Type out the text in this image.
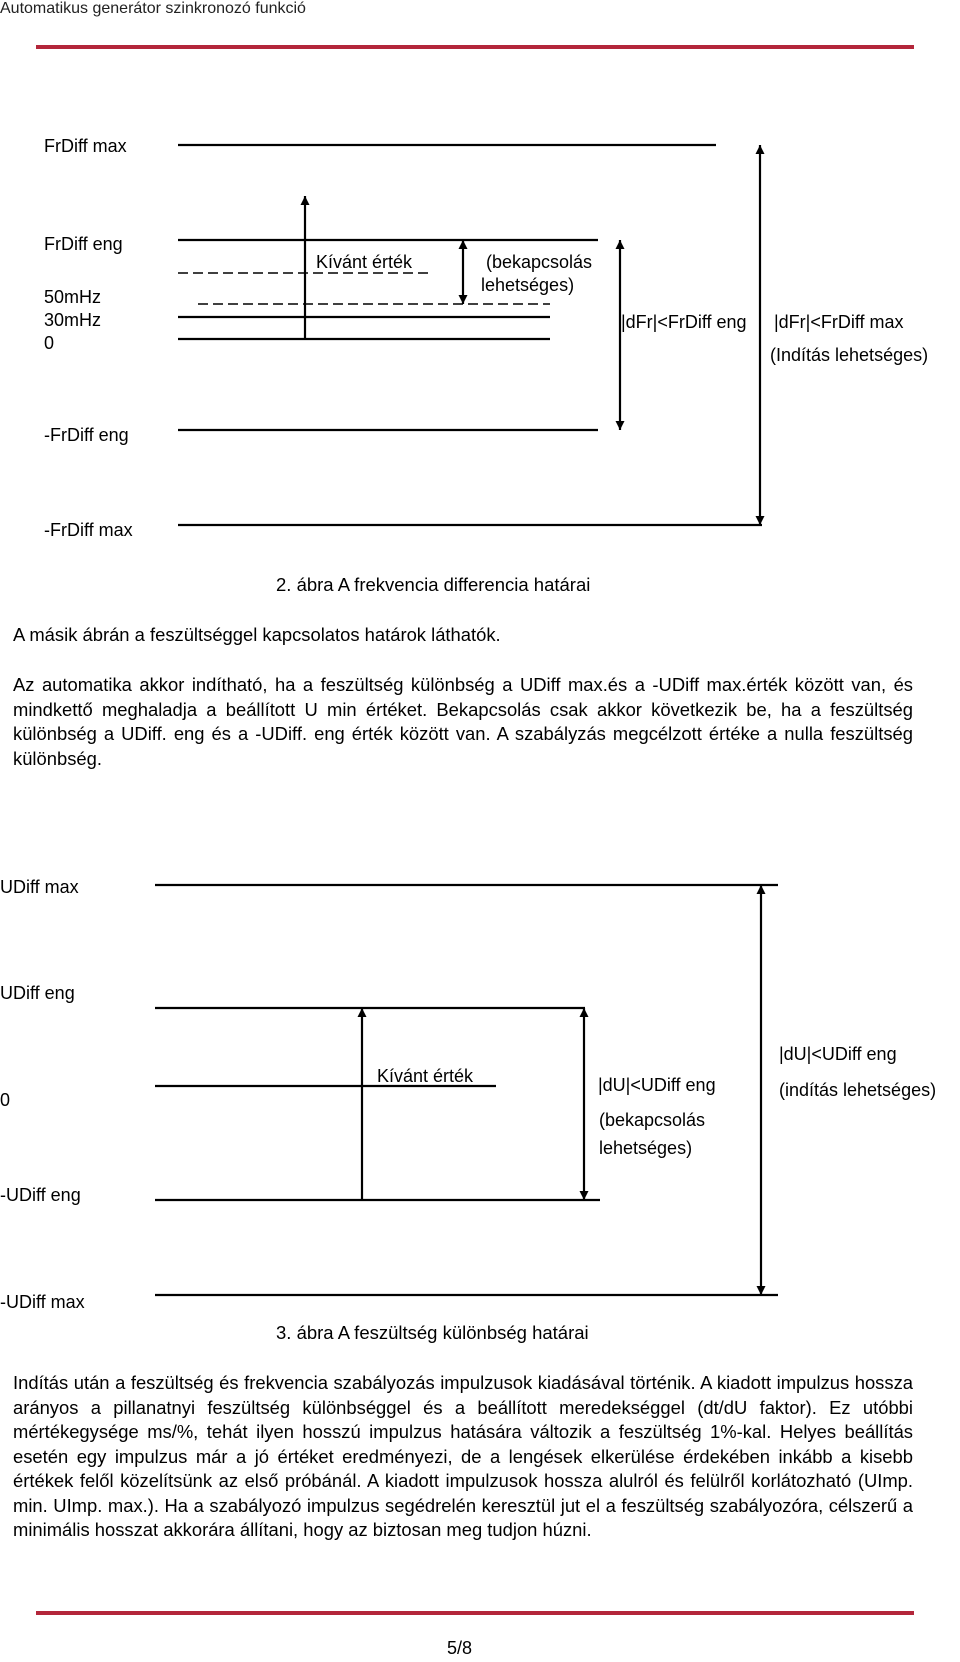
Automatikus generátor szinkronozó funkció
FrDiff max
FrDiff eng
50mHz
30mHz
0
-FrDiff eng
-FrDiff max
Kívánt érték	(bekapcsolás
lehetséges)
|dFr|<FrDiff eng |dFr|<FrDiff max
(Indítás lehetséges)
2. ábra A frekvencia differencia határai
A másik ábrán a feszültséggel kapcsolatos határok láthatók.
Az automatika akkor indítható, ha a feszültség különbség a UDiff max.és a -UDiff max.érték között van, és mindkettő meghaladja a beállított U min értéket. Bekapcsolás csak akkor következik be, ha a feszültség különbség a UDiff. eng és a -UDiff. eng érték között van. A szabályzás megcélzott értéke a nulla feszültség különbség.
UDiff max
UDiff eng
0
-UDiff eng
-UDiff max
Kívánt érték	|dU|<UDiff eng
(bekapcsolás
lehetséges)
|dU|<UDiff eng
(indítás lehetséges)
3. ábra A feszültség különbség határai
Indítás után a feszültség és frekvencia szabályozás impulzusok kiadásával történik. A kiadott impulzus hossza arányos a pillanatnyi feszültség különbséggel és a beállított meredekséggel (dt/dU faktor). Ez utóbbi mértékegysége ms/%, tehát ilyen hosszú impulzus hatására változik a feszültség 1%-kal. Helyes beállítás esetén egy impulzus már a jó értéket eredményezi, de a lengések elkerülése érdekében inkább a kisebb értékek felől közelítsünk az első próbánál. A kiadott impulzusok hossza alulról és felülről korlátozható (UImp. min. UImp. max.). Ha a szabályozó impulzus segédrelén keresztül jut el a feszültség szabályozóra, célszerű a minimális hosszat akkorára állítani, hogy az biztosan meg tudjon húzni.
5/8
